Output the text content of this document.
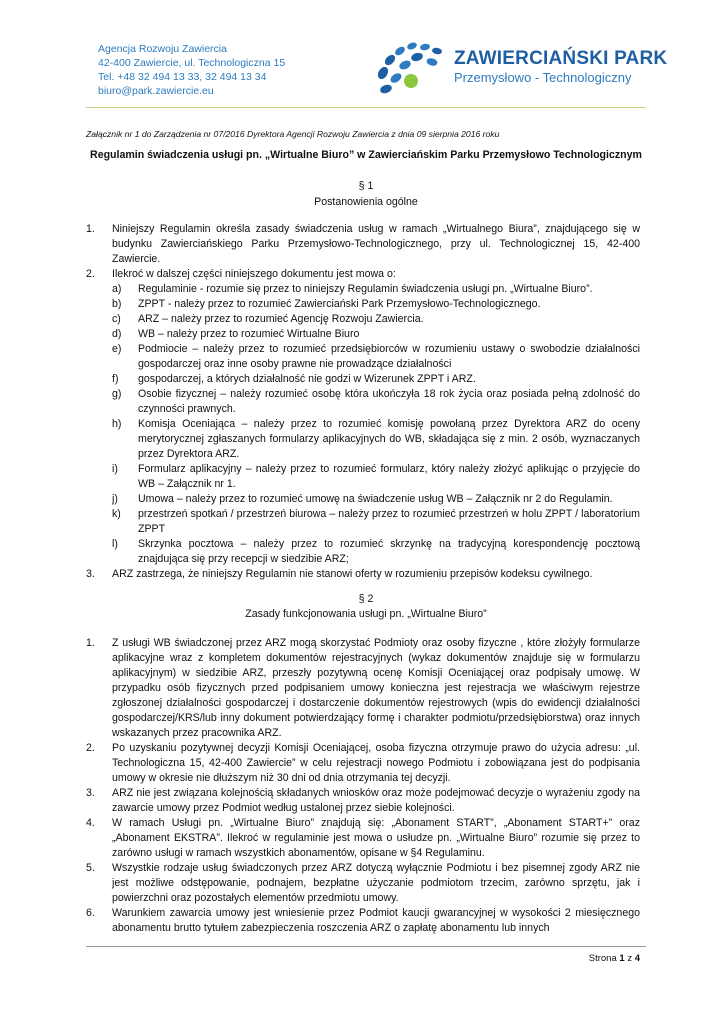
Agencja Rozwoju Zawiercia
42-400 Zawiercie, ul. Technologiczna 15
Tel. +48 32 494 13 33, 32 494 13 34
biuro@park.zawiercie.eu
ZAWIERCIAŃSKI PARK
Przemysłowo - Technologiczny
Załącznik nr 1 do Zarządzenia nr 07/2016 Dyrektora Agencji Rozwoju Zawiercia z dnia 09 sierpnia 2016 roku
Regulamin świadczenia usługi pn. „Wirtualne Biuro” w Zawierciańskim Parku Przemysłowo Technologicznym
§ 1
Postanowienia ogólne
1. Niniejszy Regulamin określa zasady świadczenia usług w ramach „Wirtualnego Biura”, znajdującego się w budynku Zawierciańskiego Parku Przemysłowo-Technologicznego, przy ul. Technologicznej 15, 42-400 Zawiercie.
2. Ilekroć w dalszej części niniejszego dokumentu jest mowa o:
a) Regulaminie - rozumie się przez to niniejszy Regulamin świadczenia usługi pn. „Wirtualne Biuro”.
b) ZPPT - należy przez to rozumieć Zawierciański Park Przemysłowo-Technologicznego.
c) ARZ – należy przez to rozumieć Agencję Rozwoju Zawiercia.
d) WB – należy przez to rozumieć Wirtualne Biuro
e) Podmiocie – należy przez to rozumieć przedsiębiorców w rozumieniu ustawy o swobodzie działalności gospodarczej oraz inne osoby prawne nie prowadzące działalności
f) gospodarczej, a których działalność nie godzi w Wizerunek ZPPT i ARZ.
g) Osobie fizycznej – należy rozumieć osobę która ukończyła 18 rok życia oraz posiada pełną zdolność do czynności prawnych.
h) Komisja Oceniająca – należy przez to rozumieć komisję powołaną przez Dyrektora ARZ do oceny merytorycznej zgłaszanych formularzy aplikacyjnych do WB, składająca się z min. 2 osób, wyznaczanych przez Dyrektora ARZ.
i) Formularz aplikacyjny – należy przez to rozumieć formularz, który należy złożyć aplikując o przyjęcie do WB – Załącznik nr 1.
j) Umowa – należy przez to rozumieć umowę na świadczenie usług WB – Załącznik nr 2 do Regulamin.
k) przestrzeń spotkań / przestrzeń biurowa – należy przez to rozumieć przestrzeń w holu ZPPT / laboratorium ZPPT
l) Skrzynka pocztowa – należy przez to rozumieć skrzynkę na tradycyjną korespondencję pocztową znajdująca się przy recepcji w siedzibie ARZ;
3. ARZ zastrzega, że niniejszy Regulamin nie stanowi oferty w rozumieniu przepisów kodeksu cywilnego.
§ 2
Zasady funkcjonowania usługi pn. „Wirtualne Biuro”
1. Z usługi WB świadczonej przez ARZ mogą skorzystać Podmioty oraz osoby fizyczne , które złożyły formularze aplikacyjne wraz z kompletem dokumentów rejestracyjnych (wykaz dokumentów znajduje się w formularzu aplikacyjnym) w siedzibie ARZ, przeszły pozytywną ocenę Komisji Oceniającej oraz podpisały umowę. W przypadku osób fizycznych przed podpisaniem umowy konieczna jest rejestracja we właściwym rejestrze zgłoszonej działalności gospodarczej i dostarczenie dokumentów rejestrowych (wpis do ewidencji działalności gospodarczej/KRS/lub inny dokument potwierdzający formę i charakter podmiotu/przedsiębiorstwa) oraz innych wskazanych przez pracownika ARZ.
2. Po uzyskaniu pozytywnej decyzji Komisji Oceniającej, osoba fizyczna otrzymuje prawo do użycia adresu: „ul. Technologiczna 15, 42-400 Zawiercie” w celu rejestracji nowego Podmiotu i zobowiązana jest do podpisania umowy w okresie nie dłuższym niż 30 dni od dnia otrzymania tej decyzji.
3. ARZ nie jest związana kolejnością składanych wniosków oraz może podejmować decyzje o wyrażeniu zgody na zawarcie umowy przez Podmiot według ustalonej przez siebie kolejności.
4. W ramach Usługi pn. „Wirtualne Biuro” znajdują się: „Abonament START”, „Abonament START+” oraz „Abonament EKSTRA”. Ilekroć w regulaminie jest mowa o usłudze pn. „Wirtualne Biuro” rozumie się przez to zarówno usługi w ramach wszystkich abonamentów, opisane w §4 Regulaminu.
5. Wszystkie rodzaje usług świadczonych przez ARZ dotyczą wyłącznie Podmiotu i bez pisemnej zgody ARZ nie jest możliwe odstępowanie, podnajem, bezpłatne użyczanie podmiotom trzecim, zarówno sprzętu, jak i powierzchni oraz pozostałych elementów przedmiotu umowy.
6. Warunkiem zawarcia umowy jest wniesienie przez Podmiot kaucji gwarancyjnej w wysokości 2 miesięcznego abonamentu brutto tytułem zabezpieczenia roszczenia ARZ o zapłatę abonamentu lub innych
Strona 1 z 4
